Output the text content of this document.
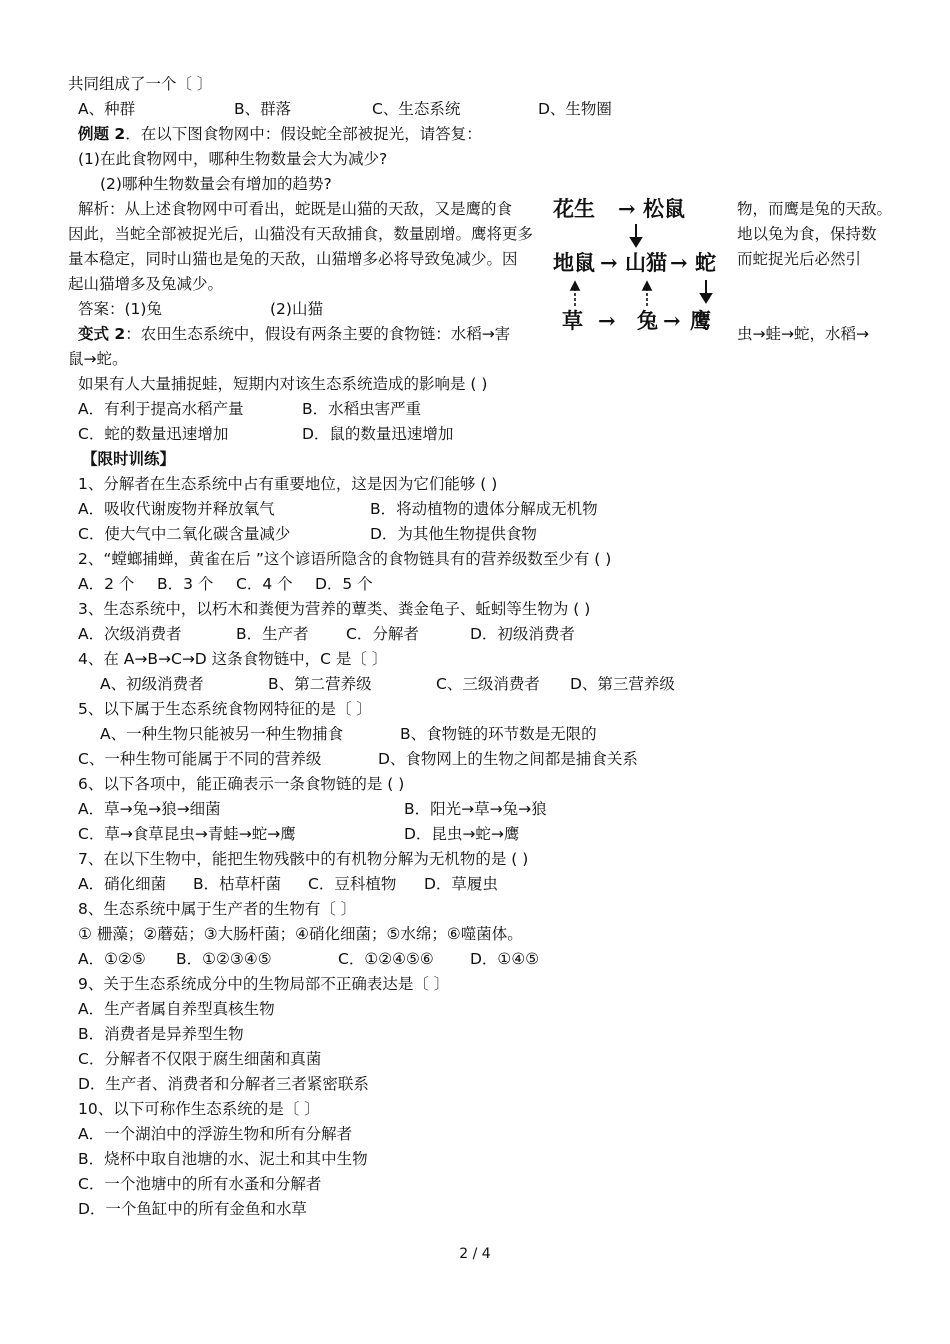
共同组成了一个〔 〕
A、种群	B、群落	C、生态系统	D、生物圈
例题 2．在以下图食物网中：假设蛇全部被捉光，请答复：
(1)在此食物网中，哪种生物数量会大为减少?
(2)哪种生物数量会有增加的趋势?
解析：从上述食物网中可看出，蛇既是山猫的天敌，又是鹰的食	物，而鹰是兔的天敌。
因此，当蛇全部被捉光后，山猫没有天敌捕食，数量剧增。鹰将更多	地以兔为食，保持数
量本稳定，同时山猫也是兔的天敌，山猫增多必将导致兔减少。因	而蛇捉光后必然引
起山猫增多及兔减少。
答案：(1)兔	(2)山猫
花生 → 松鼠
地鼠 → 山猫 → 蛇
草 → 兔 → 鹰
变式 2：农田生态系统中，假设有两条主要的食物链：水稻→害	虫→蛙→蛇，水稻→
鼠→蛇。
如果有人大量捕捉蛙，短期内对该生态系统造成的影响是 ( )
A．有利于提高水稻产量	B．水稻虫害严重
C．蛇的数量迅速增加	D．鼠的数量迅速增加
【限时训练】
1、分解者在生态系统中占有重要地位，这是因为它们能够 ( )
A．吸收代谢废物并释放氧气	B．将动植物的遗体分解成无机物
C．使大气中二氧化碳含量减少	D．为其他生物提供食物
2、“螳螂捕蝉，黄雀在后 ”这个谚语所隐含的食物链具有的营养级数至少有 ( )
A．2 个 B．3 个 C．4 个 D．5 个
3、生态系统中，以朽木和粪便为营养的蕈类、粪金龟子、蚯蚓等生物为 ( )
A．次级消费者	B．生产者 C．分解者	D．初级消费者
4、在 A→B→C→D 这条食物链中，C 是〔 〕
A、初级消费者	B、第二营养级	C、三级消费者 D、第三营养级
5、以下属于生态系统食物网特征的是〔 〕
A、一种生物只能被另一种生物捕食	B、食物链的环节数是无限的
C、一种生物可能属于不同的营养级	D、食物网上的生物之间都是捕食关系
6、以下各项中，能正确表示一条食物链的是 ( )
A．草→兔→狼→细菌	B．阳光→草→兔→狼
C．草→食草昆虫→青蛙→蛇→鹰	D．昆虫→蛇→鹰
7、在以下生物中，能把生物残骸中的有机物分解为无机物的是 ( )
A．硝化细菌 B．枯草杆菌 C．豆科植物 D．草履虫
8、生态系统中属于生产者的生物有〔 〕
① 栅藻；②蘑菇；③大肠杆菌；④硝化细菌；⑤水绵；⑥噬菌体。
A．①②⑤ B．①②③④⑤	C．①②④⑤⑥ D．①④⑤
9、关于生态系统成分中的生物局部不正确表达是〔 〕
A．生产者属自养型真核生物
B．消费者是异养型生物
C．分解者不仅限于腐生细菌和真菌
D．生产者、消费者和分解者三者紧密联系
10、以下可称作生态系统的是〔 〕
A．一个湖泊中的浮游生物和所有分解者
B．烧杯中取自池塘的水、泥土和其中生物
C．一个池塘中的所有水蚤和分解者
D．一个鱼缸中的所有金鱼和水草
2 / 4
